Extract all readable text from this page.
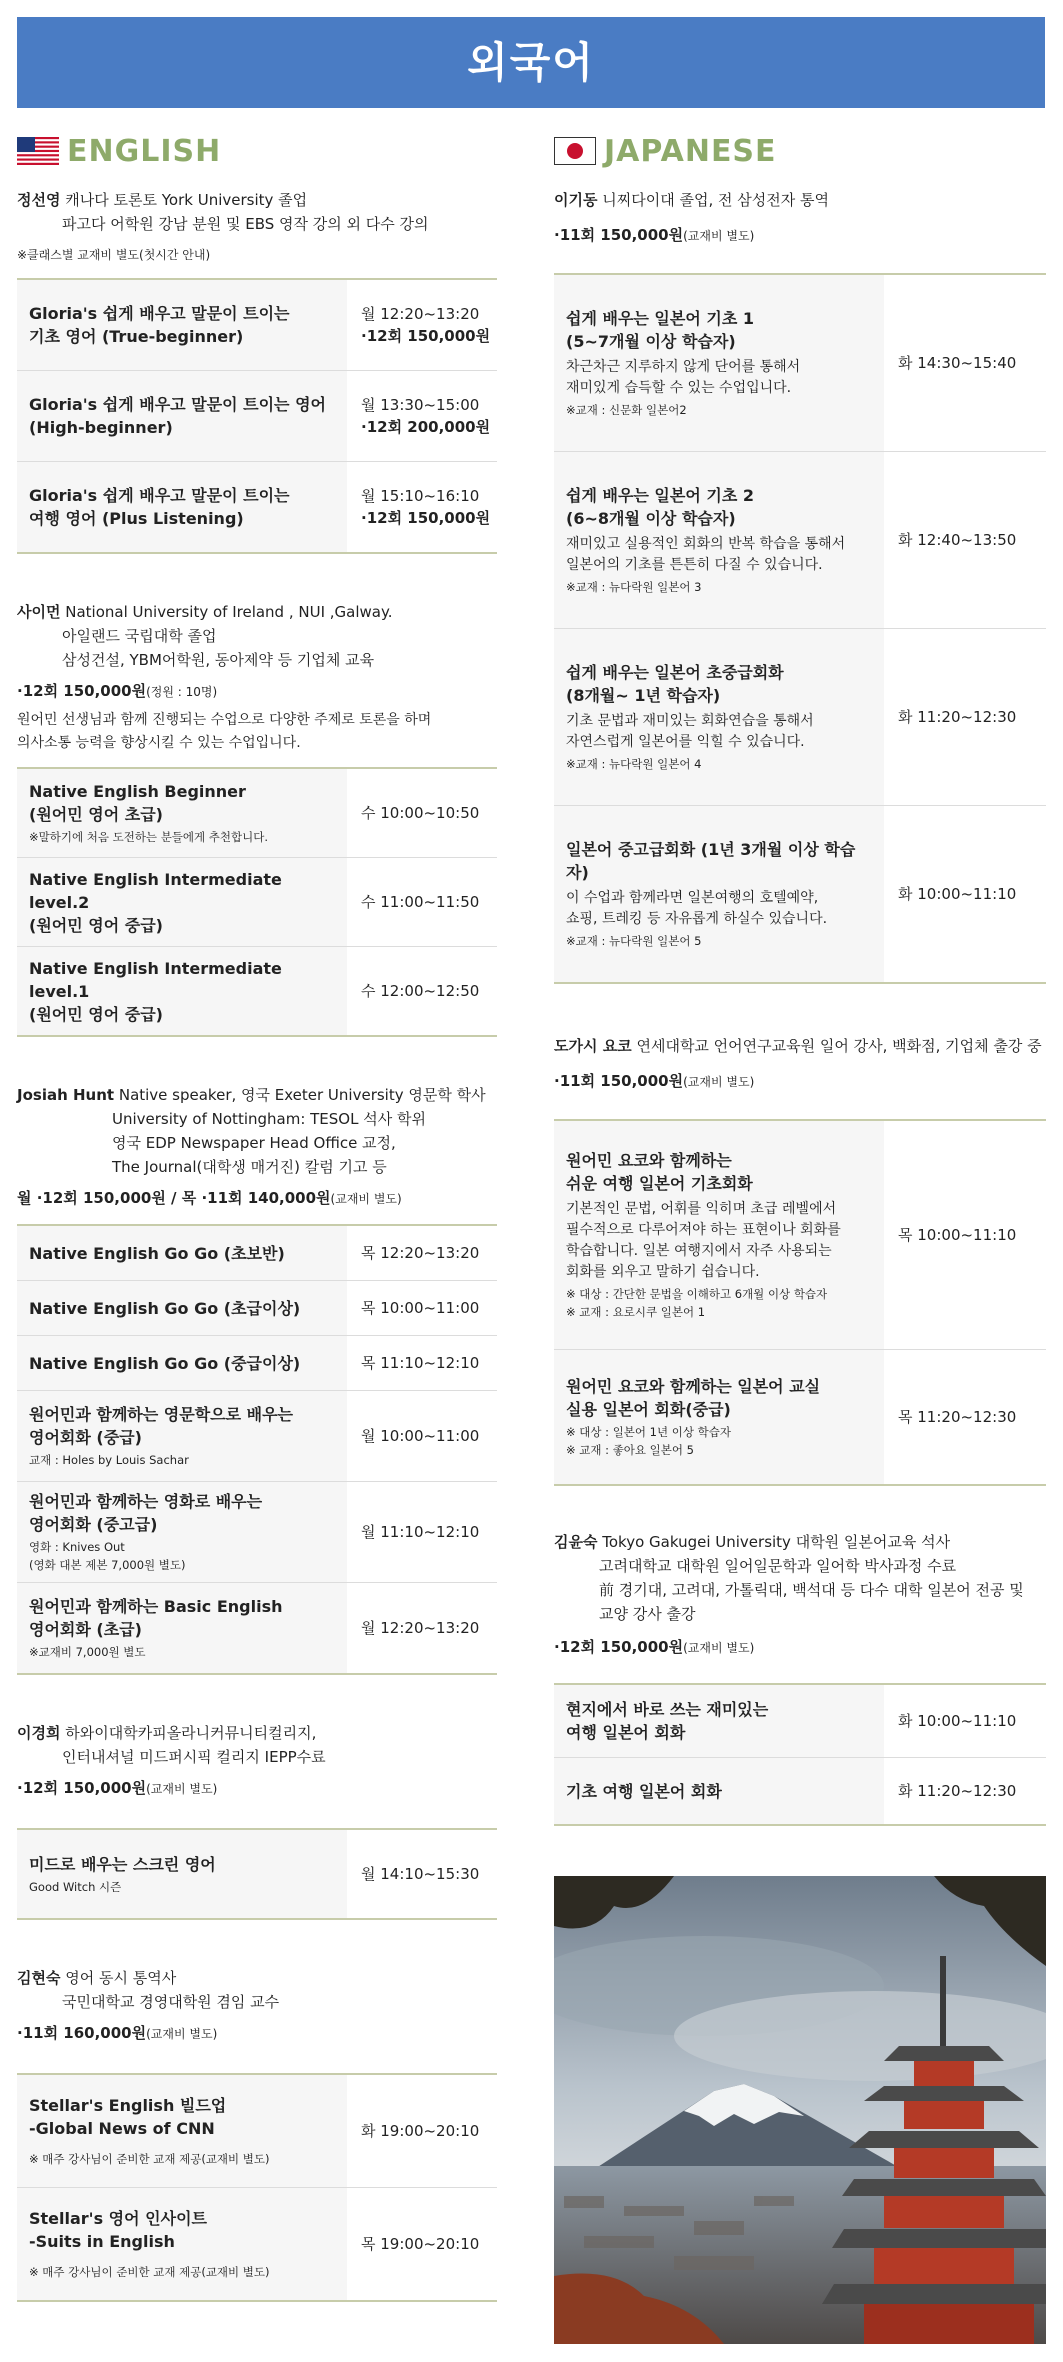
외국어
ENGLISH
정선영 캐나다 토론토 York University 졸업
파고다 어학원 강남 분원 및 EBS 영작 강의 외 다수 강의
※클래스별 교재비 별도(첫시간 안내)
Gloria's 쉽게 배우고 말문이 트이는
기초 영어 (True-beginner)
월 12:20~13:20
·12회 150,000원
Gloria's 쉽게 배우고 말문이 트이는 영어
(High-beginner)
월 13:30~15:00
·12회 200,000원
Gloria's 쉽게 배우고 말문이 트이는
여행 영어 (Plus Listening)
월 15:10~16:10
·12회 150,000원
사이먼 National University of Ireland , NUI ,Galway.
아일랜드 국립대학 졸업
삼성건설, YBM어학원, 동아제약 등 기업체 교육
·12회 150,000원(정원 : 10명)
원어민 선생님과 함께 진행되는 수업으로 다양한 주제로 토론을 하며
의사소통 능력을 향상시킬 수 있는 수업입니다.
Native English Beginner
(원어민 영어 초급)
※말하기에 처음 도전하는 분들에게 추천합니다.
수 10:00~10:50
Native English Intermediate level.2
(원어민 영어 중급)
수 11:00~11:50
Native English Intermediate level.1
(원어민 영어 중급)
수 12:00~12:50
Josiah Hunt Native speaker, 영국 Exeter University 영문학 학사
University of Nottingham: TESOL 석사 학위
영국 EDP Newspaper Head Office 교정,
The Journal(대학생 매거진) 칼럼 기고 등
월 ·12회 150,000원 / 목 ·11회 140,000원(교재비 별도)
Native English Go Go (초보반)	목 12:20~13:20
Native English Go Go (초급이상)	목 10:00~11:00
Native English Go Go (중급이상)	목 11:10~12:10
원어민과 함께하는 영문학으로 배우는
영어회화 (중급)
교재 : Holes by Louis Sachar
월 10:00~11:00
원어민과 함께하는 영화로 배우는
영어회화 (중고급)
영화 : Knives Out
(영화 대본 제본 7,000원 별도)
월 11:10~12:10
원어민과 함께하는 Basic English
영어회화 (초급)
※교재비 7,000원 별도
월 12:20~13:20
이경희 하와이대학카피올라니커뮤니티컬리지,
인터내셔널 미드퍼시픽 컬리지 IEPP수료
·12회 150,000원(교재비 별도)
미드로 배우는 스크린 영어
Good Witch 시즌
월 14:10~15:30
김현숙 영어 동시 통역사
국민대학교 경영대학원 겸임 교수
·11회 160,000원(교재비 별도)
Stellar's English 빌드업
-Global News of CNN
※ 매주 강사님이 준비한 교재 제공(교재비 별도)
화 19:00~20:10
Stellar's 영어 인사이트
-Suits in English
※ 매주 강사님이 준비한 교재 제공(교재비 별도)
목 19:00~20:10
JAPANESE
이기동 니찌다이대 졸업, 전 삼성전자 통역
·11회 150,000원(교재비 별도)
쉽게 배우는 일본어 기초 1
(5~7개월 이상 학습자)
차근차근 지루하지 않게 단어를 통해서
재미있게 습득할 수 있는 수업입니다.
※교재 : 신문화 일본어2
화 14:30~15:40
쉽게 배우는 일본어 기초 2
(6~8개월 이상 학습자)
재미있고 실용적인 회화의 반복 학습을 통해서
일본어의 기초를 튼튼히 다질 수 있습니다.
※교재 : 뉴다락원 일본어 3
화 12:40~13:50
쉽게 배우는 일본어 초중급회화
(8개월~ 1년 학습자)
기초 문법과 재미있는 회화연습을 통해서
자연스럽게 일본어를 익힐 수 있습니다.
※교재 : 뉴다락원 일본어 4
화 11:20~12:30
일본어 중고급회화 (1년 3개월 이상 학습자)
이 수업과 함께라면 일본여행의 호텔예약,
쇼핑, 트레킹 등 자유롭게 하실수 있습니다.
※교재 : 뉴다락원 일본어 5
화 10:00~11:10
도가시 요코 연세대학교 언어연구교육원 일어 강사, 백화점, 기업체 출강 중
·11회 150,000원(교재비 별도)
원어민 요코와 함께하는
쉬운 여행 일본어 기초회화
기본적인 문법, 어휘를 익히며 초급 레벨에서
필수적으로 다루어져야 하는 표현이나 회화를
학습합니다. 일본 여행지에서 자주 사용되는
회화를 외우고 말하기 쉽습니다.
※ 대상 : 간단한 문법을 이해하고 6개월 이상 학습자
※ 교재 : 요로시쿠 일본어 1
목 10:00~11:10
원어민 요코와 함께하는 일본어 교실
실용 일본어 회화(중급)
※ 대상 : 일본어 1년 이상 학습자
※ 교재 : 좋아요 일본어 5
목 11:20~12:30
김윤숙 Tokyo Gakugei University 대학원 일본어교육 석사
고려대학교 대학원 일어일문학과 일어학 박사과정 수료
前 경기대, 고려대, 가톨릭대, 백석대 등 다수 대학 일본어 전공 및
교양 강사 출강
·12회 150,000원(교재비 별도)
현지에서 바로 쓰는 재미있는
여행 일본어 회화
화 10:00~11:10
기초 여행 일본어 회화	화 11:20~12:30
